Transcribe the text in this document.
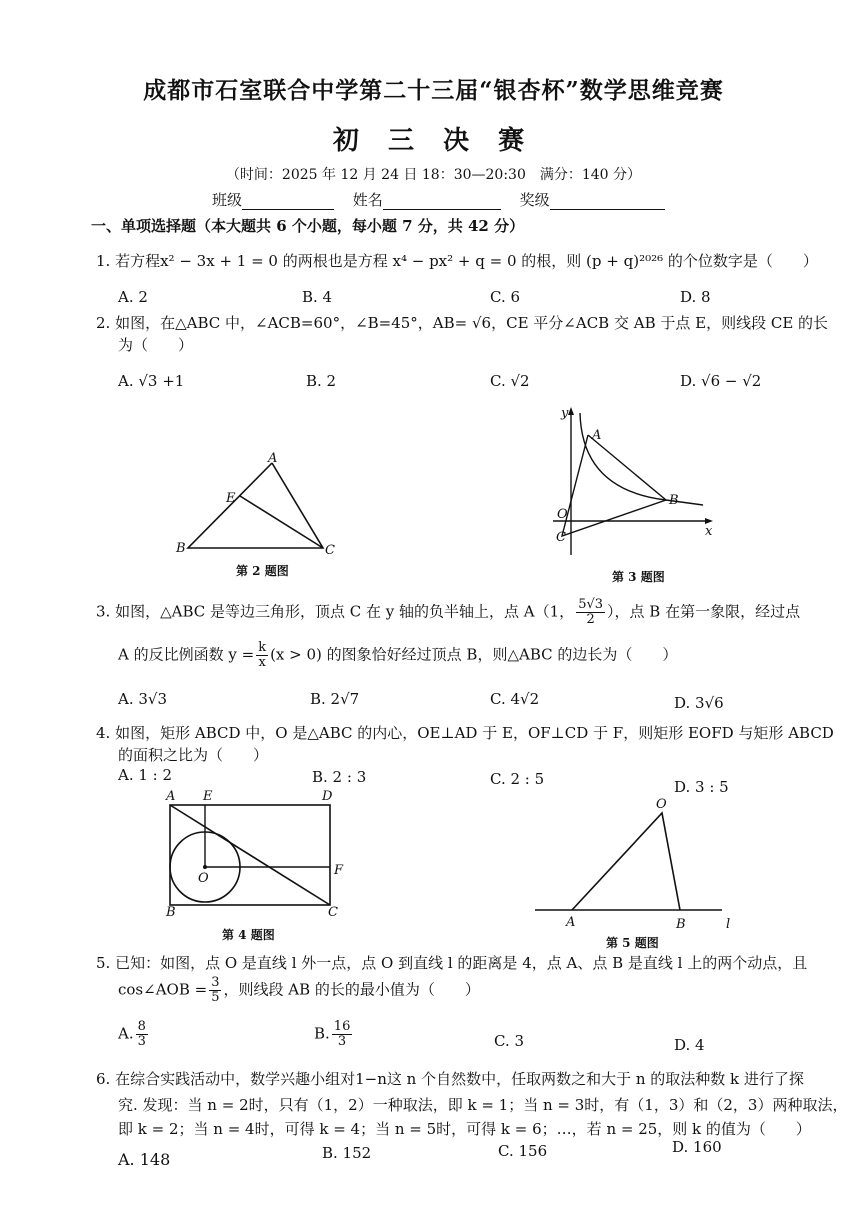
成都市石室联合中学第二十三届“银杏杯”数学思维竞赛
初 三 决 赛
（时间：2025 年 12 月 24 日 18：30—20:30　满分：140 分）
班级	姓名	奖级
一、单项选择题（本大题共 6 个小题，每小题 7 分，共 42 分）
1. 若方程x² − 3x + 1 = 0 的两根也是方程 x⁴ − px² + q = 0 的根，则 (p + q)²⁰²⁶ 的个位数字是（　　）
A. 2	B. 4	C. 6	D. 8
2. 如图，在△ABC 中，∠ACB=60°，∠B=45°，AB= √6，CE 平分∠ACB 交 AB 于点 E，则线段 CE 的长
为（　　）
A. √3 +1	B. 2	C. √2	D. √6 − √2
A
B	C
E
第 2 题图
y
x
A
B
O
C
第 3 题图
3. 如图，△ABC 是等边三角形，顶点 C 在 y 轴的负半轴上，点 A（1， $\frac{5√3}{2}$ ），点 B 在第一象限，经过点
A 的反比例函数 $y = \frac{k}{x} (x > 0)$ 的图象恰好经过顶点 B，则△ABC 的边长为（　　）
A. 3√3	B. 2√7	C. 4√2	D. 3√6
4. 如图，矩形 ABCD 中，O 是△ABC 的内心，OE⊥AD 于 E，OF⊥CD 于 F，则矩形 EOFD 与矩形 ABCD
的面积之比为（　　）
A. 1 : 2	B. 2 : 3	C. 2 : 5	D. 3 : 5
A E	D
O
F
B	C
第 4 题图
O
A	B	l
第 5 题图
5. 已知：如图，点 O 是直线 l 外一点，点 O 到直线 l 的距离是 4，点 A、点 B 是直线 l 上的两个动点，且
cos∠AOB = $\frac{3}{5}$ ，则线段 AB 的长的最小值为（　　）
A. $\frac{8}{3}$	B. $\frac{16}{3}$	C. 3	D. 4
6. 在综合实践活动中，数学兴趣小组对1−n这 n 个自然数中，任取两数之和大于 n 的取法种数 k 进行了探
究. 发现：当 n = 2时，只有（1，2）一种取法，即 k = 1；当 n = 3时，有（1，3）和（2，3）两种取法，
即 k = 2；当 n = 4时，可得 k = 4；当 n = 5时，可得 k = 6；…，若 n = 25，则 k 的值为（　　）
A. 148	B. 152	C. 156	D. 160
